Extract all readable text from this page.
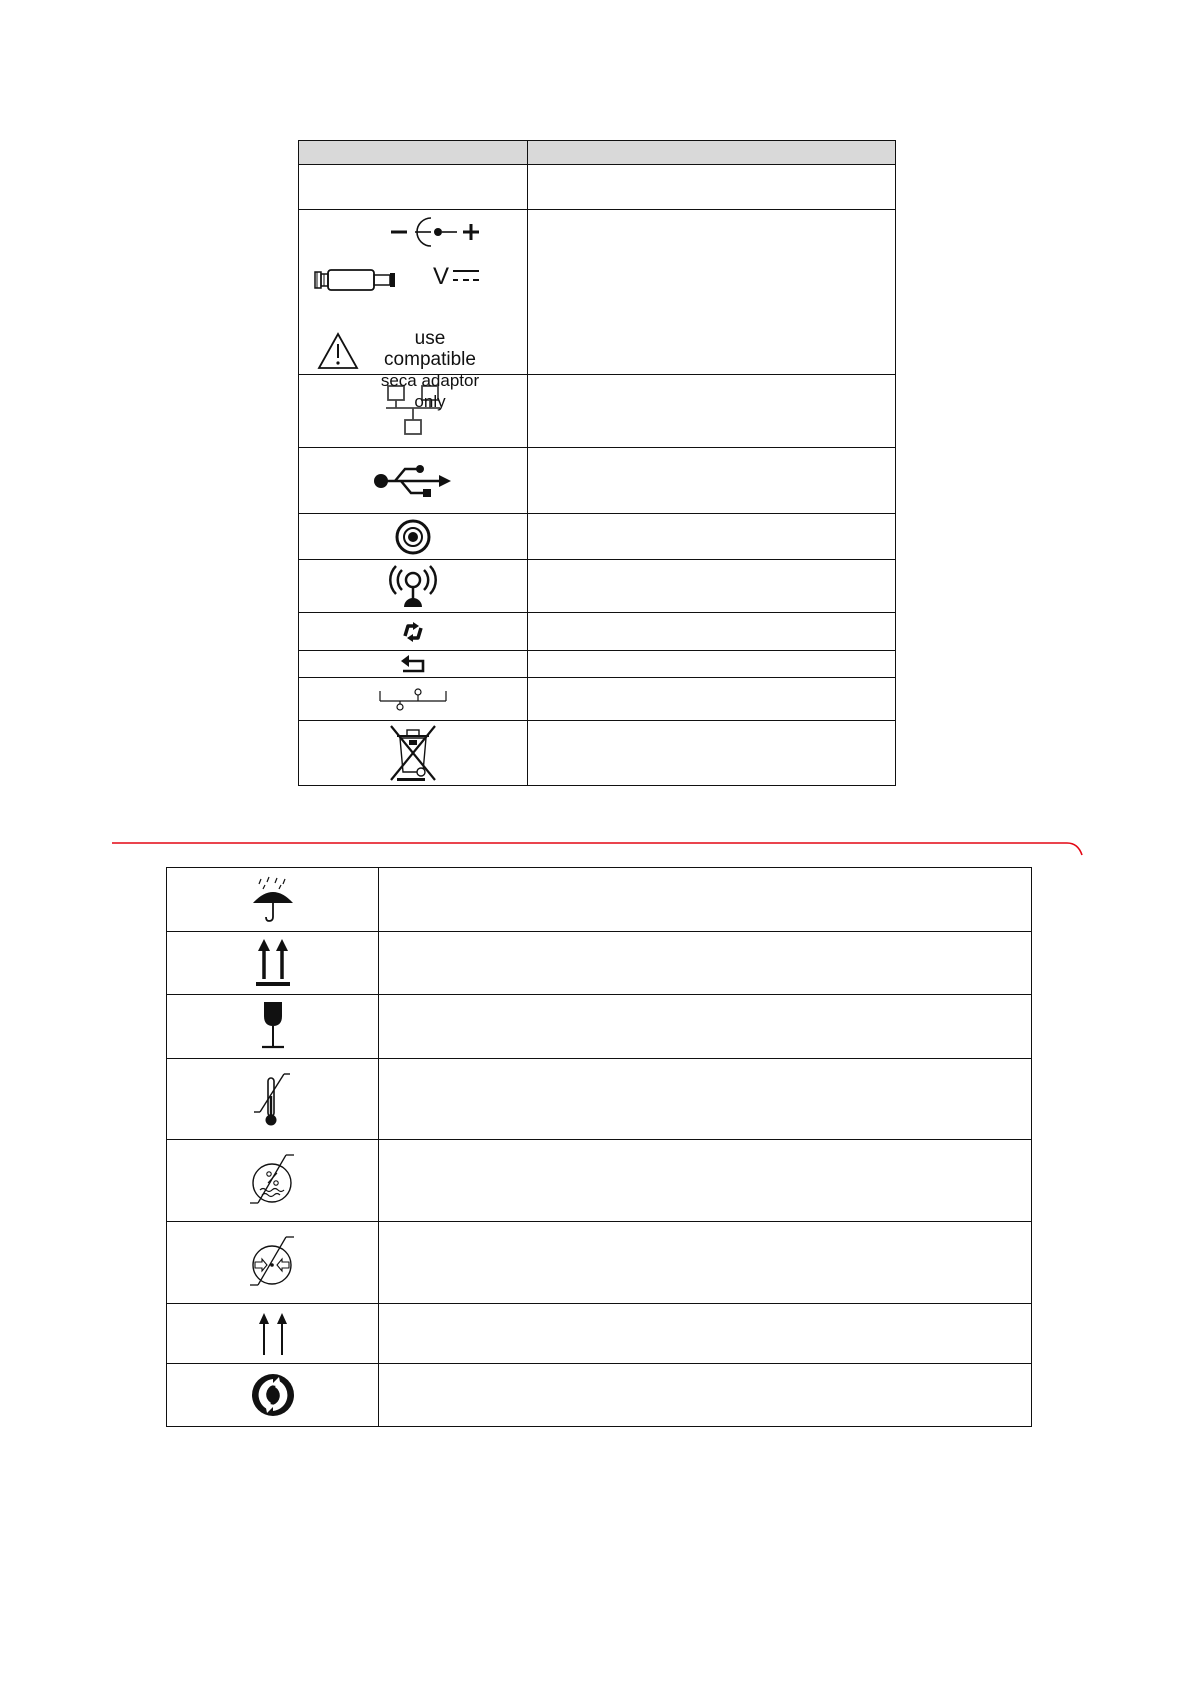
V
use compatible
seca adaptor only	
